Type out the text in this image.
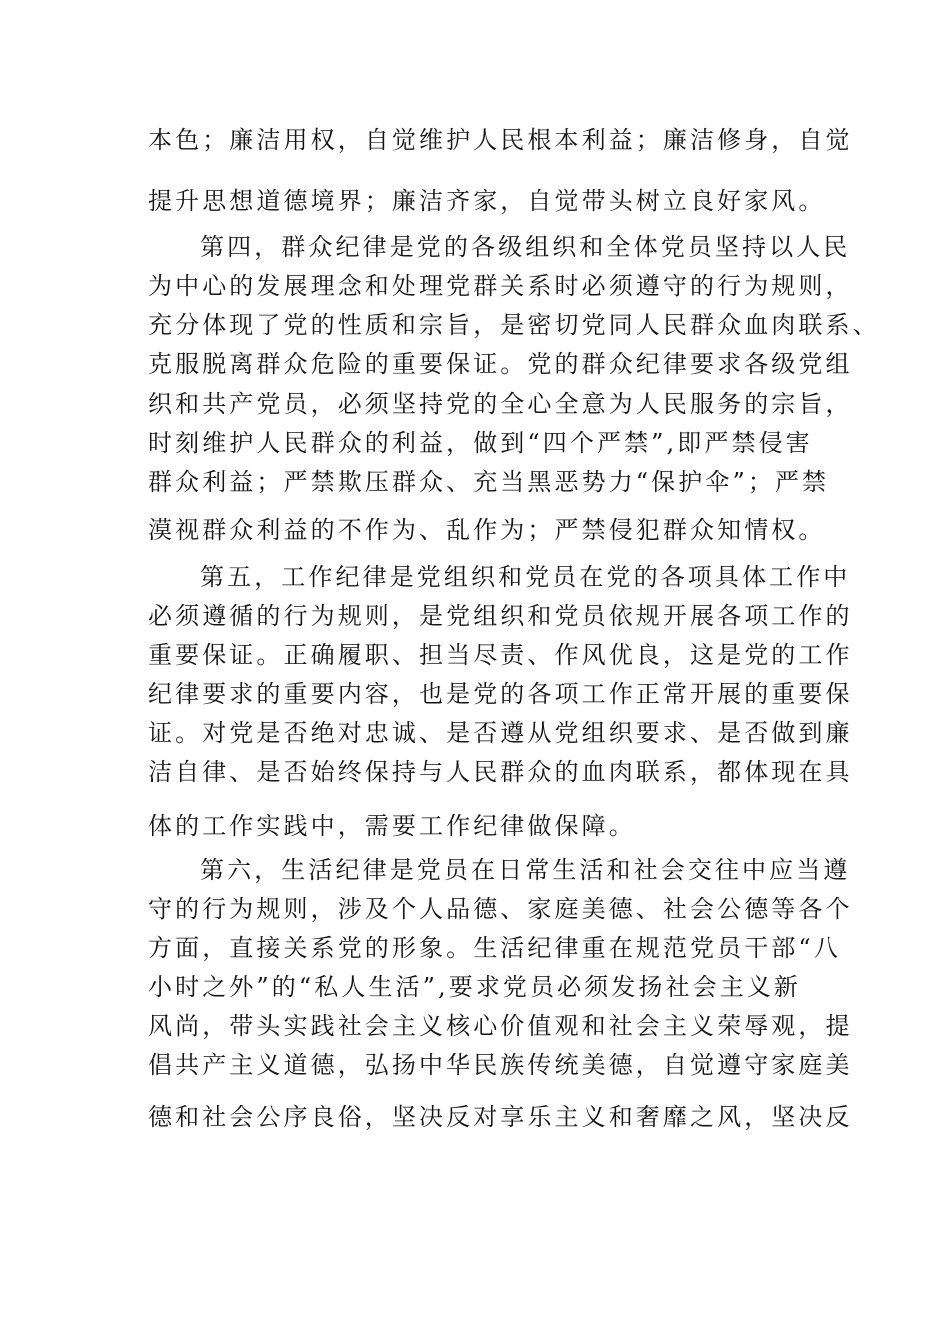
本色；廉洁用权，自觉维护人民根本利益；廉洁修身，自觉

提升思想道德境界；廉洁齐家，自觉带头树立良好家风。

第四，群众纪律是党的各级组织和全体党员坚持以人民

为中心的发展理念和处理党群关系时必须遵守的行为规则，

充分体现了党的性质和宗旨，是密切党同人民群众血肉联系、

克服脱离群众危险的重要保证。党的群众纪律要求各级党组

织和共产党员，必须坚持党的全心全意为人民服务的宗旨，

时刻维护人民群众的利益，做到“四个严禁”,即严禁侵害

群众利益；严禁欺压群众、充当黑恶势力“保护伞”；严禁

漠视群众利益的不作为、乱作为；严禁侵犯群众知情权。

第五，工作纪律是党组织和党员在党的各项具体工作中

必须遵循的行为规则，是党组织和党员依规开展各项工作的

重要保证。正确履职、担当尽责、作风优良，这是党的工作

纪律要求的重要内容，也是党的各项工作正常开展的重要保

证。对党是否绝对忠诚、是否遵从党组织要求、是否做到廉

洁自律、是否始终保持与人民群众的血肉联系，都体现在具

体的工作实践中，需要工作纪律做保障。

第六，生活纪律是党员在日常生活和社会交往中应当遵

守的行为规则，涉及个人品德、家庭美德、社会公德等各个

方面，直接关系党的形象。生活纪律重在规范党员干部“八

小时之外”的“私人生活”,要求党员必须发扬社会主义新

风尚，带头实践社会主义核心价值观和社会主义荣辱观，提

倡共产主义道德，弘扬中华民族传统美德，自觉遵守家庭美

德和社会公序良俗，坚决反对享乐主义和奢靡之风，坚决反
